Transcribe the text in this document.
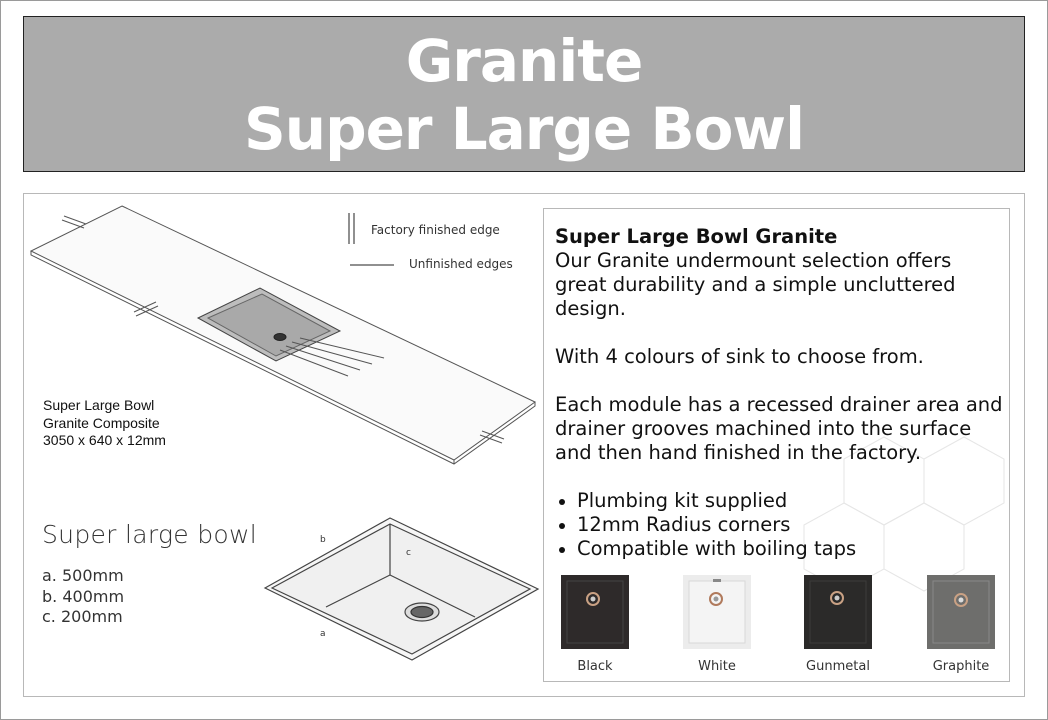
Granite
Super Large Bowl
b
c
a
Factory finished edge
Unfinished edges
Super Large Bowl
Granite Composite
3050 x 640 x 12mm
Super large bowl
a. 500mm
b. 400mm
c. 200mm
Super Large Bowl Granite
Our Granite undermount selection offers great durability and a simple uncluttered design.
With 4 colours of sink to choose from.
Each module has a recessed drainer area and drainer grooves machined into the surface and then hand finished in the factory.
Plumbing kit supplied
12mm Radius corners
Compatible with boiling taps
Black	White	Gunmetal	Graphite
